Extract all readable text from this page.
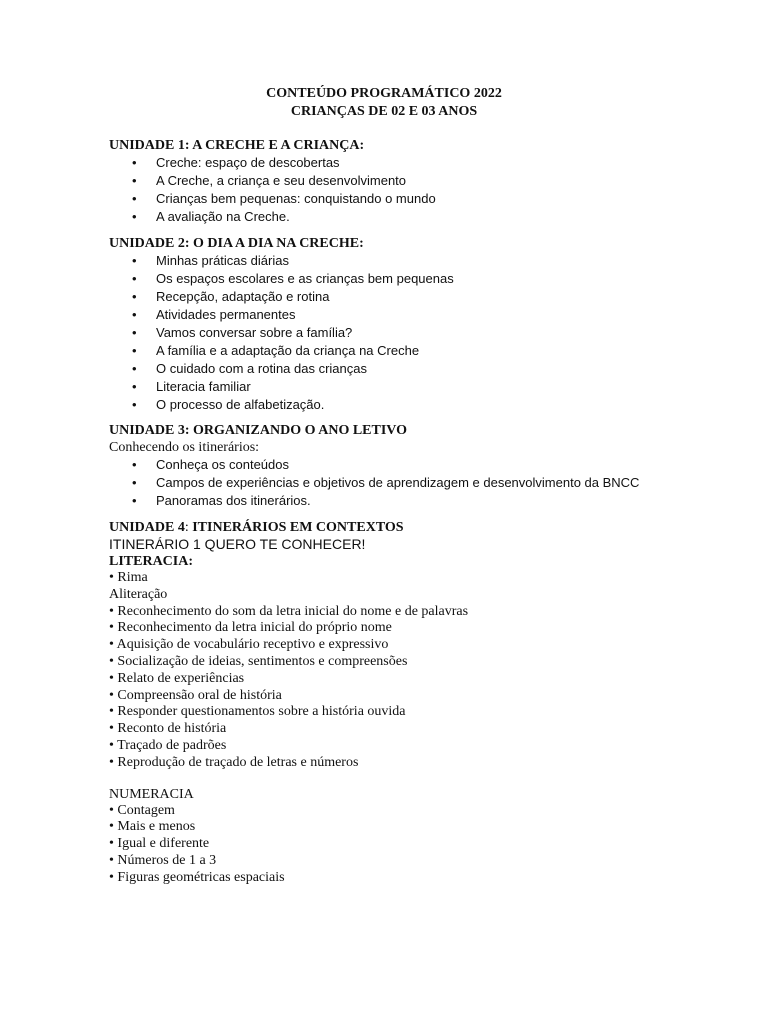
CONTEÚDO PROGRAMÁTICO 2022
CRIANÇAS DE 02 E 03 ANOS

UNIDADE 1: A CRECHE E A CRIANÇA:

• Creche: espaço de descobertas
• A Creche, a criança e seu desenvolvimento
• Crianças bem pequenas: conquistando o mundo
• A avaliação na Creche.

UNIDADE 2: O DIA A DIA NA CRECHE:

• Minhas práticas diárias
• Os espaços escolares e as crianças bem pequenas
• Recepção, adaptação e rotina
• Atividades permanentes
• Vamos conversar sobre a família?
• A família e a adaptação da criança na Creche
• O cuidado com a rotina das crianças
• Literacia familiar
• O processo de alfabetização.

UNIDADE 3: ORGANIZANDO O ANO LETIVO

Conhecendo os itinerários:

• Conheça os conteúdos
• Campos de experiências e objetivos de aprendizagem e desenvolvimento da BNCC
• Panoramas dos itinerários.

UNIDADE 4: ITINERÁRIOS EM CONTEXTOS

ITINERÁRIO 1 QUERO TE CONHECER!

LITERACIA:

• Rima

Aliteração

• Reconhecimento do som da letra inicial do nome e de palavras

• Reconhecimento da letra inicial do próprio nome

• Aquisição de vocabulário receptivo e expressivo

• Socialização de ideias, sentimentos e compreensões

• Relato de experiências

• Compreensão oral de história

• Responder questionamentos sobre a história ouvida

• Reconto de história

• Traçado de padrões

• Reprodução de traçado de letras e números

NUMERACIA

• Contagem

• Mais e menos

• Igual e diferente

• Números de 1 a 3

• Figuras geométricas espaciais
